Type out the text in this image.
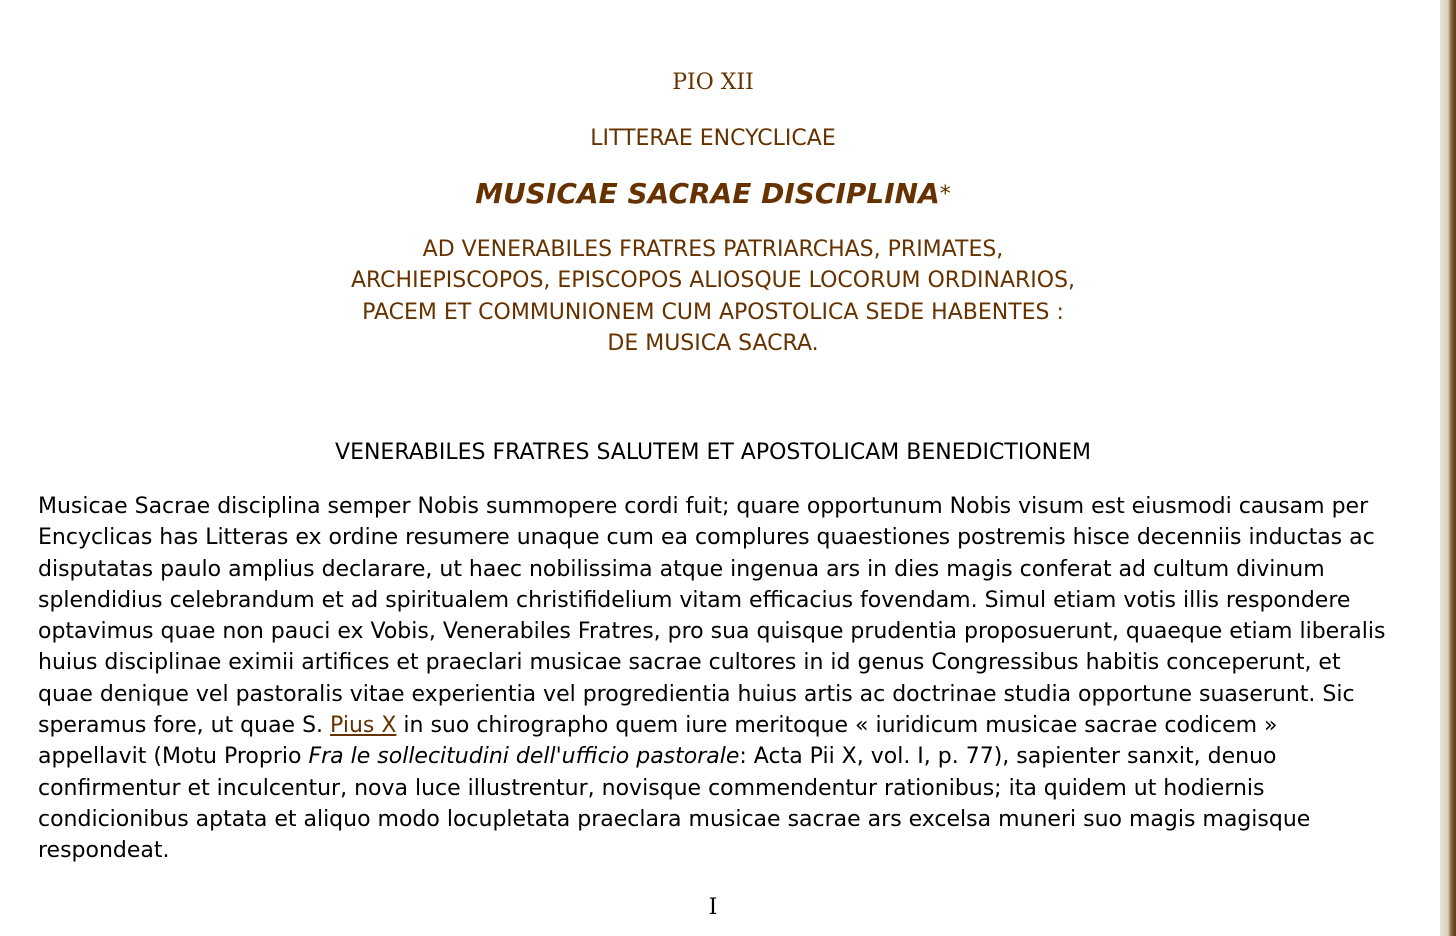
PIO XII
LITTERAE ENCYCLICAE
MUSICAE SACRAE DISCIPLINA*
AD VENERABILES FRATRES PATRIARCHAS, PRIMATES,
ARCHIEPISCOPOS, EPISCOPOS ALIOSQUE LOCORUM ORDINARIOS,
PACEM ET COMMUNIONEM CUM APOSTOLICA SEDE HABENTES :
DE MUSICA SACRA.
VENERABILES FRATRES SALUTEM ET APOSTOLICAM BENEDICTIONEM

Musicae Sacrae disciplina semper Nobis summopere cordi fuit; quare opportunum Nobis visum est eiusmodi causam per Encyclicas has Litteras ex ordine resumere unaque cum ea complures quaestiones postremis hisce decenniis inductas ac disputatas paulo amplius declarare, ut haec nobilissima atque ingenua ars in dies magis conferat ad cultum divinum splendidius celebrandum et ad spiritualem christifidelium vitam efficacius fovendam. Simul etiam votis illis respondere optavimus quae non pauci ex Vobis, Venerabiles Fratres, pro sua quisque prudentia proposuerunt, quaeque etiam liberalis huius disciplinae eximii artifices et praeclari musicae sacrae cultores in id genus Congressibus habitis conceperunt, et quae denique vel pastoralis vitae experientia vel progredientia huius artis ac doctrinae studia opportune suaserunt. Sic speramus fore, ut quae S. Pius X in suo chirographo quem iure meritoque « iuridicum musicae sacrae codicem » appellavit (Motu Proprio Fra le sollecitudini dell'ufficio pastorale: Acta Pii X, vol. I, p. 77), sapienter sanxit, denuo confirmentur et inculcentur, nova luce illustrentur, novisque commendentur rationibus; ita quidem ut hodiernis condicionibus aptata et aliquo modo locupletata praeclara musicae sacrae ars excelsa muneri suo magis magisque respondeat.

I
